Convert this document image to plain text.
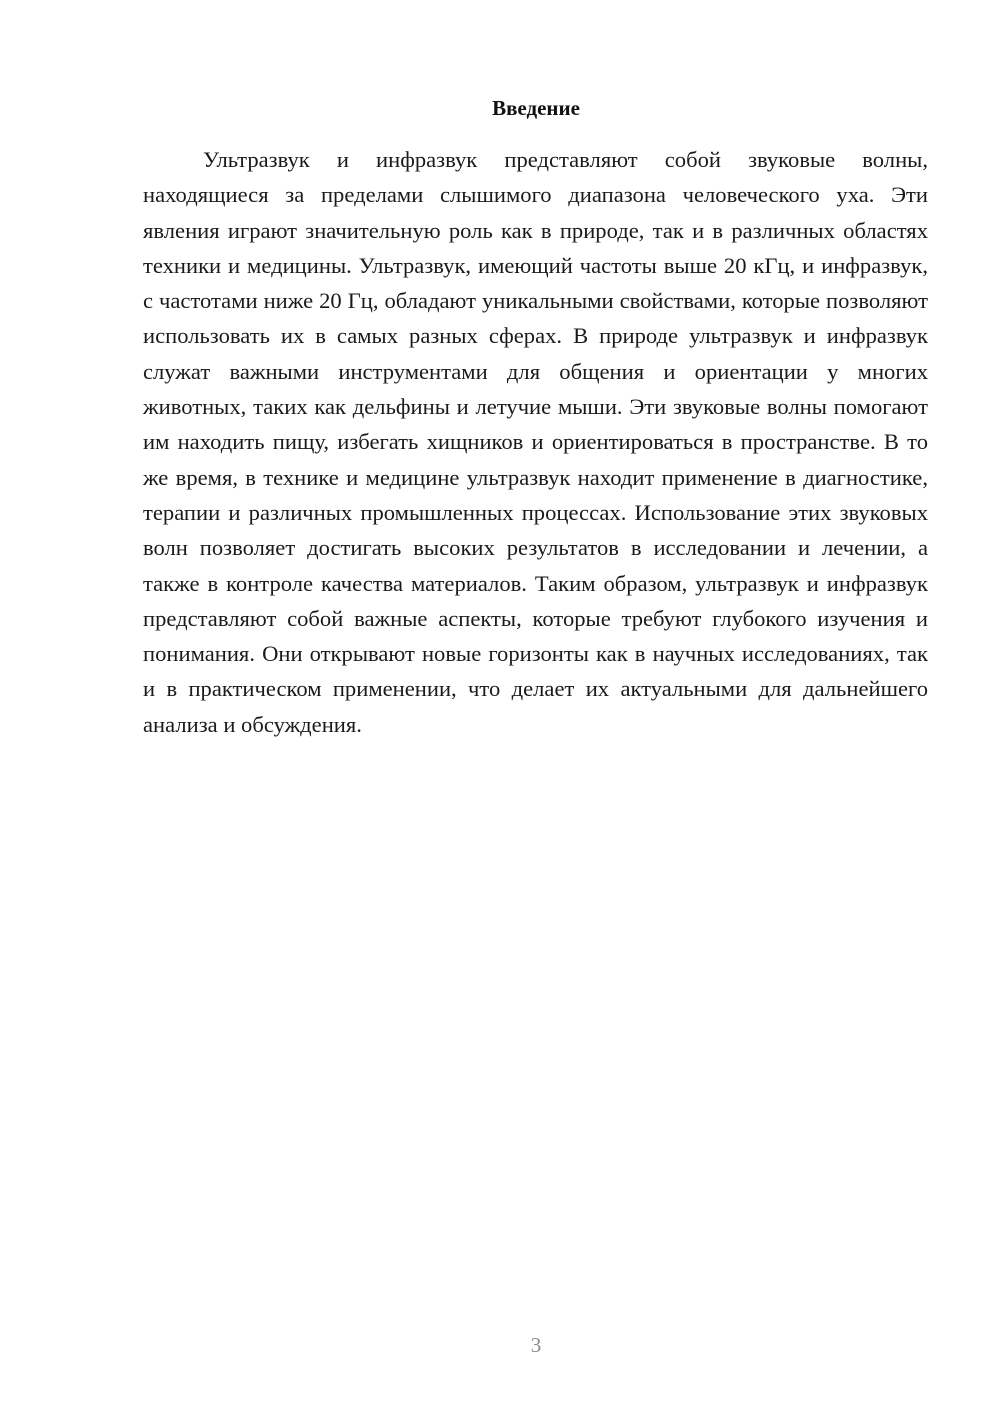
Введение

Ультразвук и инфразвук представляют собой звуковые волны, находящиеся за пределами слышимого диапазона человеческого уха. Эти явления играют значительную роль как в природе, так и в различных областях техники и медицины. Ультразвук, имеющий частоты выше 20 кГц, и инфразвук, с частотами ниже 20 Гц, обладают уникальными свойствами, которые позволяют использовать их в самых разных сферах. В природе ультразвук и инфразвук служат важными инструментами для общения и ориентации у многих животных, таких как дельфины и летучие мыши. Эти звуковые волны помогают им находить пищу, избегать хищников и ориентироваться в пространстве. В то же время, в технике и медицине ультразвук находит применение в диагностике, терапии и различных промышленных процессах. Использование этих звуковых волн позволяет достигать высоких результатов в исследовании и лечении, а также в контроле качества материалов. Таким образом, ультразвук и инфразвук представляют собой важные аспекты, которые требуют глубокого изучения и понимания. Они открывают новые горизонты как в научных исследованиях, так и в практическом применении, что делает их актуальными для дальнейшего анализа и обсуждения.

3
